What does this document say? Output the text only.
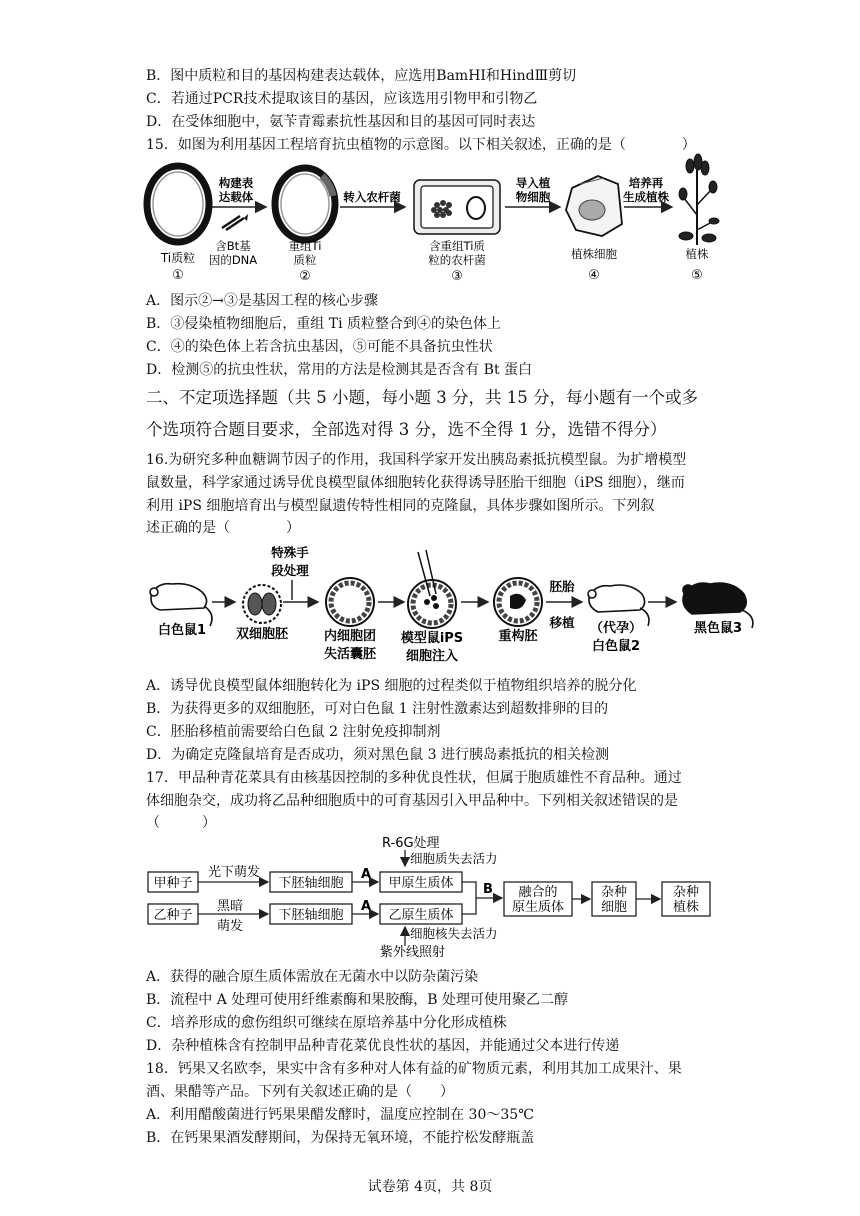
B．图中质粒和目的基因构建表达载体，应选用BamHⅠ和HindⅢ剪切
C．若通过PCR技术提取该目的基因，应该选用引物甲和引物乙
D．在受体细胞中，氨苄青霉素抗性基因和目的基因可同时表达
15．如图为利用基因工程培育抗虫植物的示意图。以下相关叙述，正确的是（　　　　）
Ti质粒
①
构建表
达载体
含Bt基
因的DNA
重组Ti
质粒
②
转入农杆菌
含重组Ti质
粒的农杆菌
③
导入植
物细胞
植株细胞
④
培养再
生成植株
植株
⑤
A．图示②→③是基因工程的核心步骤
B．③侵染植物细胞后，重组 Ti 质粒整合到④的染色体上
C．④的染色体上若含抗虫基因，⑤可能不具备抗虫性状
D．检测⑤的抗虫性状，常用的方法是检测其是否含有 Bt 蛋白
二、不定项选择题（共 5 小题，每小题 3 分，共 15 分，每小题有一个或多
个选项符合题目要求，全部选对得 3 分，选不全得 1 分，选错不得分）
16.为研究多种血糖调节因子的作用，我国科学家开发出胰岛素抵抗模型鼠。为扩增模型
鼠数量，科学家通过诱导优良模型鼠体细胞转化获得诱导胚胎干细胞（iPS 细胞），继而
利用 iPS 细胞培育出与模型鼠遗传特性相同的克隆鼠，具体步骤如图所示。下列叙
述正确的是（　　　　）
白色鼠1 双细胞胚
特殊手
段处理
内细胞团
失活囊胚
模型鼠iPS
细胞注入
重构胚
胚胎
移植 （代孕）
白色鼠2
黑色鼠3
A．诱导优良模型鼠体细胞转化为 iPS 细胞的过程类似于植物组织培养的脱分化
B．为获得更多的双细胞胚，可对白色鼠 1 注射性激素达到超数排卵的目的
C．胚胎移植前需要给白色鼠 2 注射免疫抑制剂
D．为确定克隆鼠培育是否成功，须对黑色鼠 3 进行胰岛素抵抗的相关检测
17．甲品种青花菜具有由核基因控制的多种优良性状，但属于胞质雄性不育品种。通过
体细胞杂交，成功将乙品种细胞质中的可育基因引入甲品种中。下列相关叙述错误的是
（　　　）
R-6G处理
细胞质失去活力
甲种子
光下萌发
下胚轴细胞
A
甲原生质体 B 融合的
原生质体
杂种
细胞
杂种
植株
乙种子
黑暗
萌发
下胚轴细胞
A
乙原生质体
细胞核失去活力
紫外线照射
A．获得的融合原生质体需放在无菌水中以防杂菌污染
B．流程中 A 处理可使用纤维素酶和果胶酶，B 处理可使用聚乙二醇
C．培养形成的愈伤组织可继续在原培养基中分化形成植株
D．杂种植株含有控制甲品种青花菜优良性状的基因，并能通过父本进行传递
18．钙果又名欧李，果实中含有多种对人体有益的矿物质元素，利用其加工成果汁、果
酒、果醋等产品。下列有关叙述正确的是（　　）
A．利用醋酸菌进行钙果果醋发酵时，温度应控制在 30～35℃
B．在钙果果酒发酵期间，为保持无氧环境，不能拧松发酵瓶盖
试卷第 4页，共 8页
